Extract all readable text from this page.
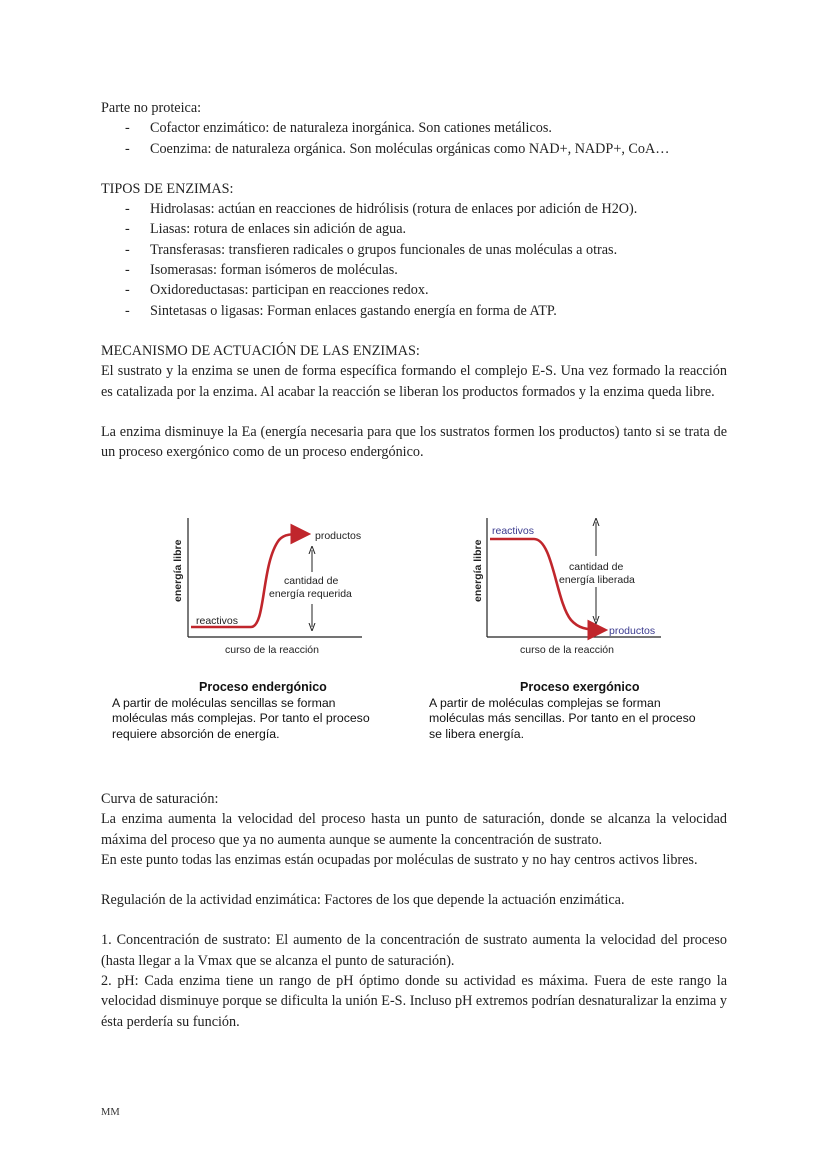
Parte no proteica:

- Cofactor enzimático: de naturaleza inorgánica. Son cationes metálicos.
- Coenzima: de naturaleza orgánica. Son moléculas orgánicas como NAD+, NADP+, CoA…

TIPOS DE ENZIMAS:

- Hidrolasas: actúan en reacciones de hidrólisis (rotura de enlaces por adición de H2O).
- Liasas: rotura de enlaces sin adición de agua.
- Transferasas: transfieren radicales o grupos funcionales de unas moléculas a otras.
- Isomerasas: forman isómeros de moléculas.
- Oxidoreductasas: participan en reacciones redox.
- Sintetasas o ligasas: Forman enlaces gastando energía en forma de ATP.

MECANISMO DE ACTUACIÓN DE LAS ENZIMAS:

El sustrato y la enzima se unen de forma específica formando el complejo E-S. Una vez formado la reacción es catalizada por la enzima. Al acabar la reacción se liberan los productos formados y la enzima queda libre.

La enzima disminuye la Ea (energía necesaria para que los sustratos formen los productos) tanto si se trata de un proceso exergónico como de un proceso endergónico.

energía libre
curso de la reacción
reactivos
productos
cantidad de
energía requerida	energía libre
curso de la reacción
reactivos
productos
cantidad de
energía liberada
Proceso endergónico
A partir de moléculas sencillas se forman
moléculas más complejas. Por tanto el proceso
requiere absorción de energía.
Proceso exergónico
A partir de moléculas complejas se forman
moléculas más sencillas. Por tanto en el proceso
se libera energía.

Curva de saturación:

La enzima aumenta la velocidad del proceso hasta un punto de saturación, donde se alcanza la velocidad máxima del proceso que ya no aumenta aunque se aumente la concentración de sustrato.

En este punto todas las enzimas están ocupadas por moléculas de sustrato y no hay centros activos libres.

Regulación de la actividad enzimática: Factores de los que depende la actuación enzimática.

1. Concentración de sustrato: El aumento de la concentración de sustrato aumenta la velocidad del proceso (hasta llegar a la Vmax que se alcanza el punto de saturación).

2. pH: Cada enzima tiene un rango de pH óptimo donde su actividad es máxima. Fuera de este rango la velocidad disminuye porque se dificulta la unión E-S. Incluso pH extremos podrían desnaturalizar la enzima y ésta perdería su función.

MM
